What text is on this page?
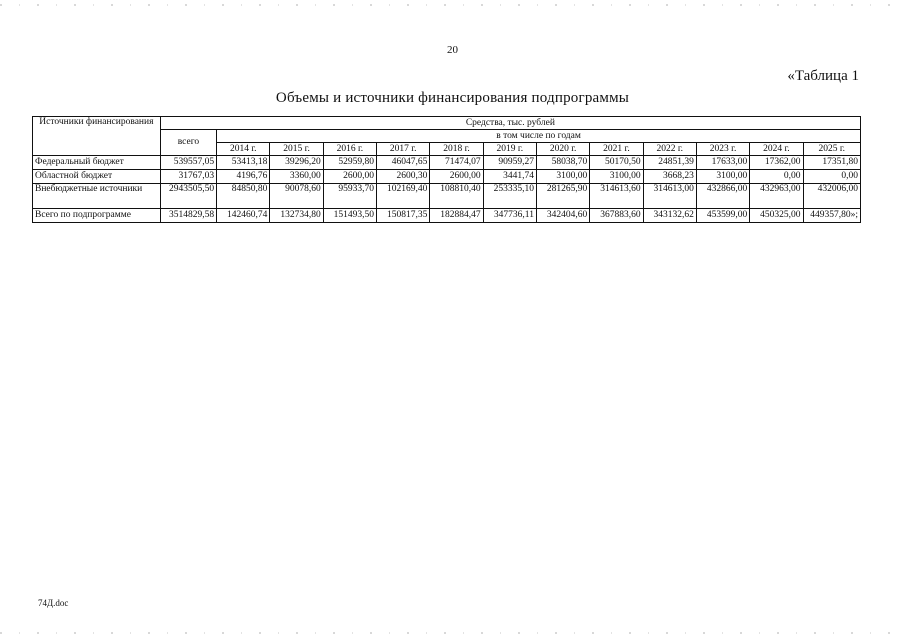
20
«Таблица 1
Объемы и источники финансирования подпрограммы
Источники финансирования	Средства, тыс. рублей												
	всего	в том числе по годам											
		2014 г.	2015 г.	2016 г.	2017 г.	2018 г.	2019 г.	2020 г.	2021 г.	2022 г.	2023 г.	2024 г.	2025 г.
Федеральный бюджет	539557,05	53413,18	39296,20	52959,80	46047,65	71474,07	90959,27	58038,70	50170,50	24851,39	17633,00	17362,00	17351,80
Областной бюджет	31767,03	4196,76	3360,00	2600,00	2600,30	2600,00	3441,74	3100,00	3100,00	3668,23	3100,00	0,00	0,00
Внебюджетные источники	2943505,50	84850,80	90078,60	95933,70	102169,40	108810,40	253335,10	281265,90	314613,60	314613,00	432866,00	432963,00	432006,00
Всего по подпрограмме	3514829,58	142460,74	132734,80	151493,50	150817,35	182884,47	347736,11	342404,60	367883,60	343132,62	453599,00	450325,00	449357,80»;
74Д.doc
